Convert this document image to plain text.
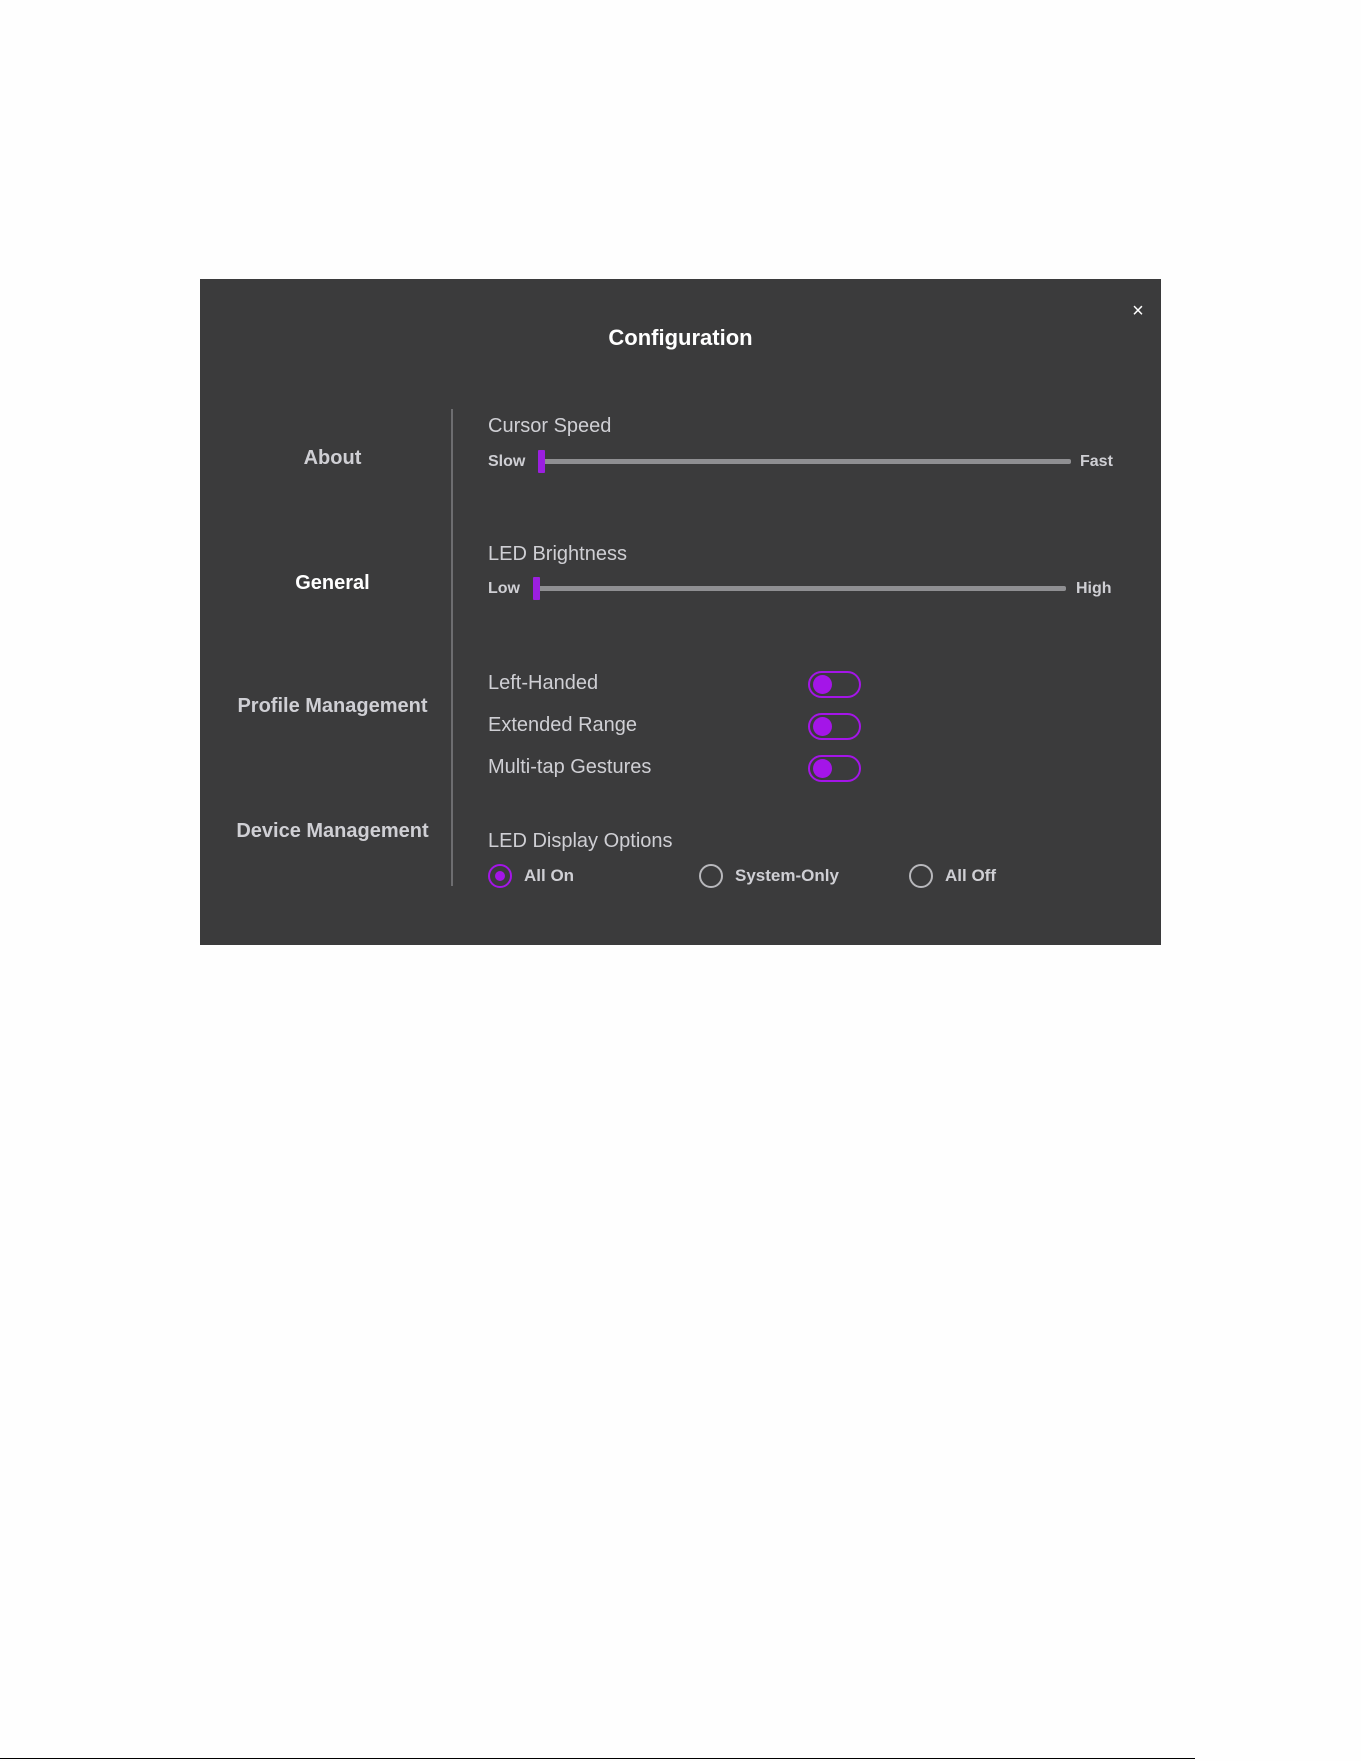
Configuration
×
About
General
Profile Management
Device Management
Cursor Speed
Slow	Fast
LED Brightness
Low	High
Left-Handed
Extended Range
Multi-tap Gestures
LED Display Options
All On	System-Only	All Off
